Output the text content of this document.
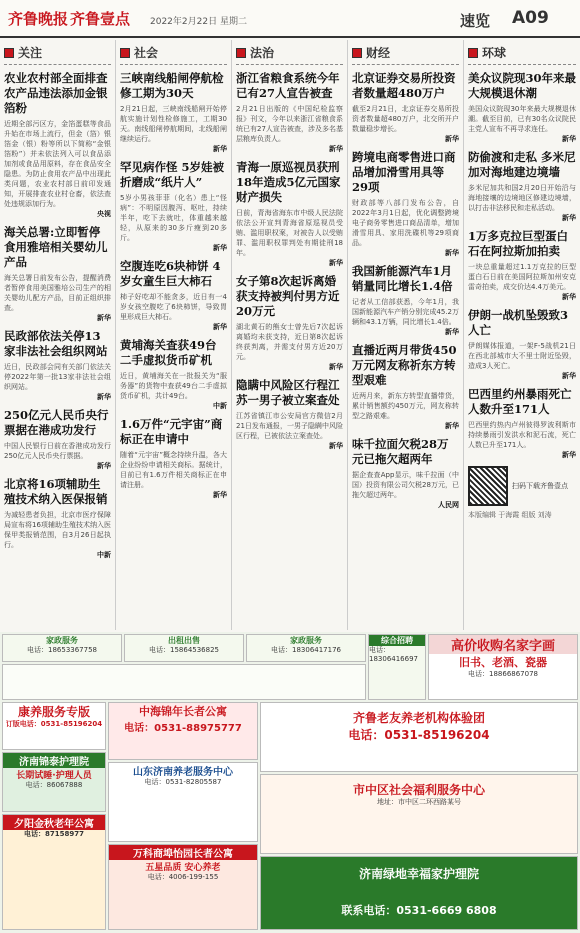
齐鲁晚报 齐鲁壹点 2022年2月22日 星期二	速览 A09
关注
农业农村部全面排查农产品违法添加金银箔粉
近期全部污区方，金箔蛋糕等食品升始在市场上流行，但金（箔）银箔金（银）粉等所以下简称“金银箔粉”）并未依法列入可以食品添加剂或食品用原料，存在食品安全隐患。为防止食用农产品中出现此类问题，农业农村部日前印发通知，开展排查农业村仓畜，依法查处违规添加行为。
央视
海关总署:立即暂停食用雅培相关婴幼儿产品
海关总署日前发布公告，提醒消费者暂停食用美国雅培公司生产的相关婴幼儿配方产品，目前正组织排查。
新华
民政部依法关停13家非法社会组织网站
近日，民政部会同有关部门依法关停2022年第一批13家非法社会组织网站。
新华
250亿元人民币央行票据在港成功发行
中国人民银行日前在香港成功发行250亿元人民币央行票据。
新华
北京将16项辅助生殖技术纳入医保报销
为减轻患者负担，北京市医疗保障局宣布将16项辅助生殖技术纳入医保甲类报销范围，自3月26日起执行。
中新
社会
三峡南线船闸停航检修工期为30天
2月21日起，三峡南线船闸开始停航实施计划性检修施工，工期30天。南线船闸停航期间，北线船闸继续运行。
新华
罕见病作怪 5岁娃被折磨成“纸片人”
5岁小男孩菲菲（化名）患上“怪病”：不明原因腹泻、呕吐，持续半年，吃下去就吐，体重越来越轻，从原来的30多斤瘦到20多斤。
新华
空腹连吃6块柿饼 4岁女童生巨大柿石
柿子好吃却不能贪多，近日有一4岁女孩空腹吃了6块柿饼，导致胃里形成巨大柿石。
新华
黄埔海关查获49台二手虚拟货币矿机
近日，黄埔海关在一批报关为“服务器”的货物中查获49台二手虚拟货币矿机，共计49台。
中新
1.6万件“元宇宙”商标正在申请中
随着“元宇宙”概念持续升温，各大企业纷纷申请相关商标。据统计，目前已有1.6万件相关商标正在申请注册。
新华
法治
浙江省粮食系统今年已有27人宣告被查
2月21日出版的《中国纪检监察报》刊文，今年以来浙江省粮食系统已有27人宣告被查，涉及多名基层粮库负责人。
新华
青海一原巡视员获刑18年造成5亿元国家财产损失
日前，青海省海东市中级人民法院依法公开宣判青海省原巡视员受贿、滥用职权案，对被告人以受贿罪、滥用职权罪判处有期徒刑18年。
新华
女子第8次起诉离婚获支持被判付男方近20万元
湖北黄石的熊女士曾先后7次起诉离婚均未获支持，近日第8次起诉终获判离，并需支付男方近20万元。
新华
隐瞒中风险区行程江苏一男子被立案查处
江苏省镇江市公安局官方微信2月21日发布通报，一男子隐瞒中风险区行程，已被依法立案查处。
新华
财经
北京证券交易所投资者数量超480万户
截至2月21日，北京证券交易所投资者数量超480万户，北交所开户数量稳步增长。
新华
跨境电商零售进口商品增加滑雪用具等29项
财政部等八部门发布公告，自2022年3月1日起，优化调整跨境电子商务零售进口商品清单，增加滑雪用具、家用洗碟机等29项商品。
新华
我国新能源汽车1月销量同比增长1.4倍
记者从工信部获悉，今年1月，我国新能源汽车产销分别完成45.2万辆和43.1万辆，同比增长1.4倍。
新华
直播近两月带货450万元网友称祈东方转型艰难
近两月来，新东方转型直播带货，累计销售额约450万元，网友称转型之路艰难。
新华
味千拉面欠税28万元已拖欠超两年
据企查查App显示，味千拉面（中国）投资有限公司欠税28万元，已拖欠超过两年。
人民网
环球
美众议院现30年来最大规模退休潮
美国众议院现30年来最大规模退休潮。截至目前，已有30名众议院民主党人宣布不再寻求连任。
新华
防偷渡和走私 多米尼加对海地建边境墙
多米尼加共和国2月20日开始沿与海地接壤的边境地区修建边境墙，以打击非法移民和走私活动。
新华
1万多克拉巨型蛋白石在阿拉斯加拍卖
一块总重量超过1.1万克拉的巨型蛋白石日前在美国阿拉斯加州安克雷奇拍卖，成交价达4.4万美元。
新华
伊朗一战机坠毁致3人亡
伊朗媒体报道，一架F-5战机21日在西北部城市大不里士附近坠毁，造成3人死亡。
新华
巴西里约州暴雨死亡人数升至171人
巴西里约热内卢州彼得罗波利斯市持续暴雨引发洪水和泥石流，死亡人数已升至171人。
新华
扫码下载齐鲁壹点
本版编辑 于海霞 组版 刘涛
家政服务
电话：18653367758
出租出售
电话：15864536825
家政服务
电话：18306417176
综合招聘
电话：18306416697
高价收购名家字画
旧书、老酒、瓷器
电话：18866867078
康养服务专版
订版电话：0531-85196204
济南锦泰护理院
长期试睡·护理人员
电话：86067888
夕阳金秋老年公寓
电话：87158977
中海锦年长者公寓
电话：0531-88975777
山东济南养老服务中心
电话：0531-82805587
万科商埠怡园长者公寓
五星品质 安心养老
电话：4006-199-155
齐鲁老友养老机构体验团
电话：0531-85196204
市中区社会福利服务中心
地址：市中区二环西路某号
济南绿地幸福家护理院
联系电话：0531-6669 6808
